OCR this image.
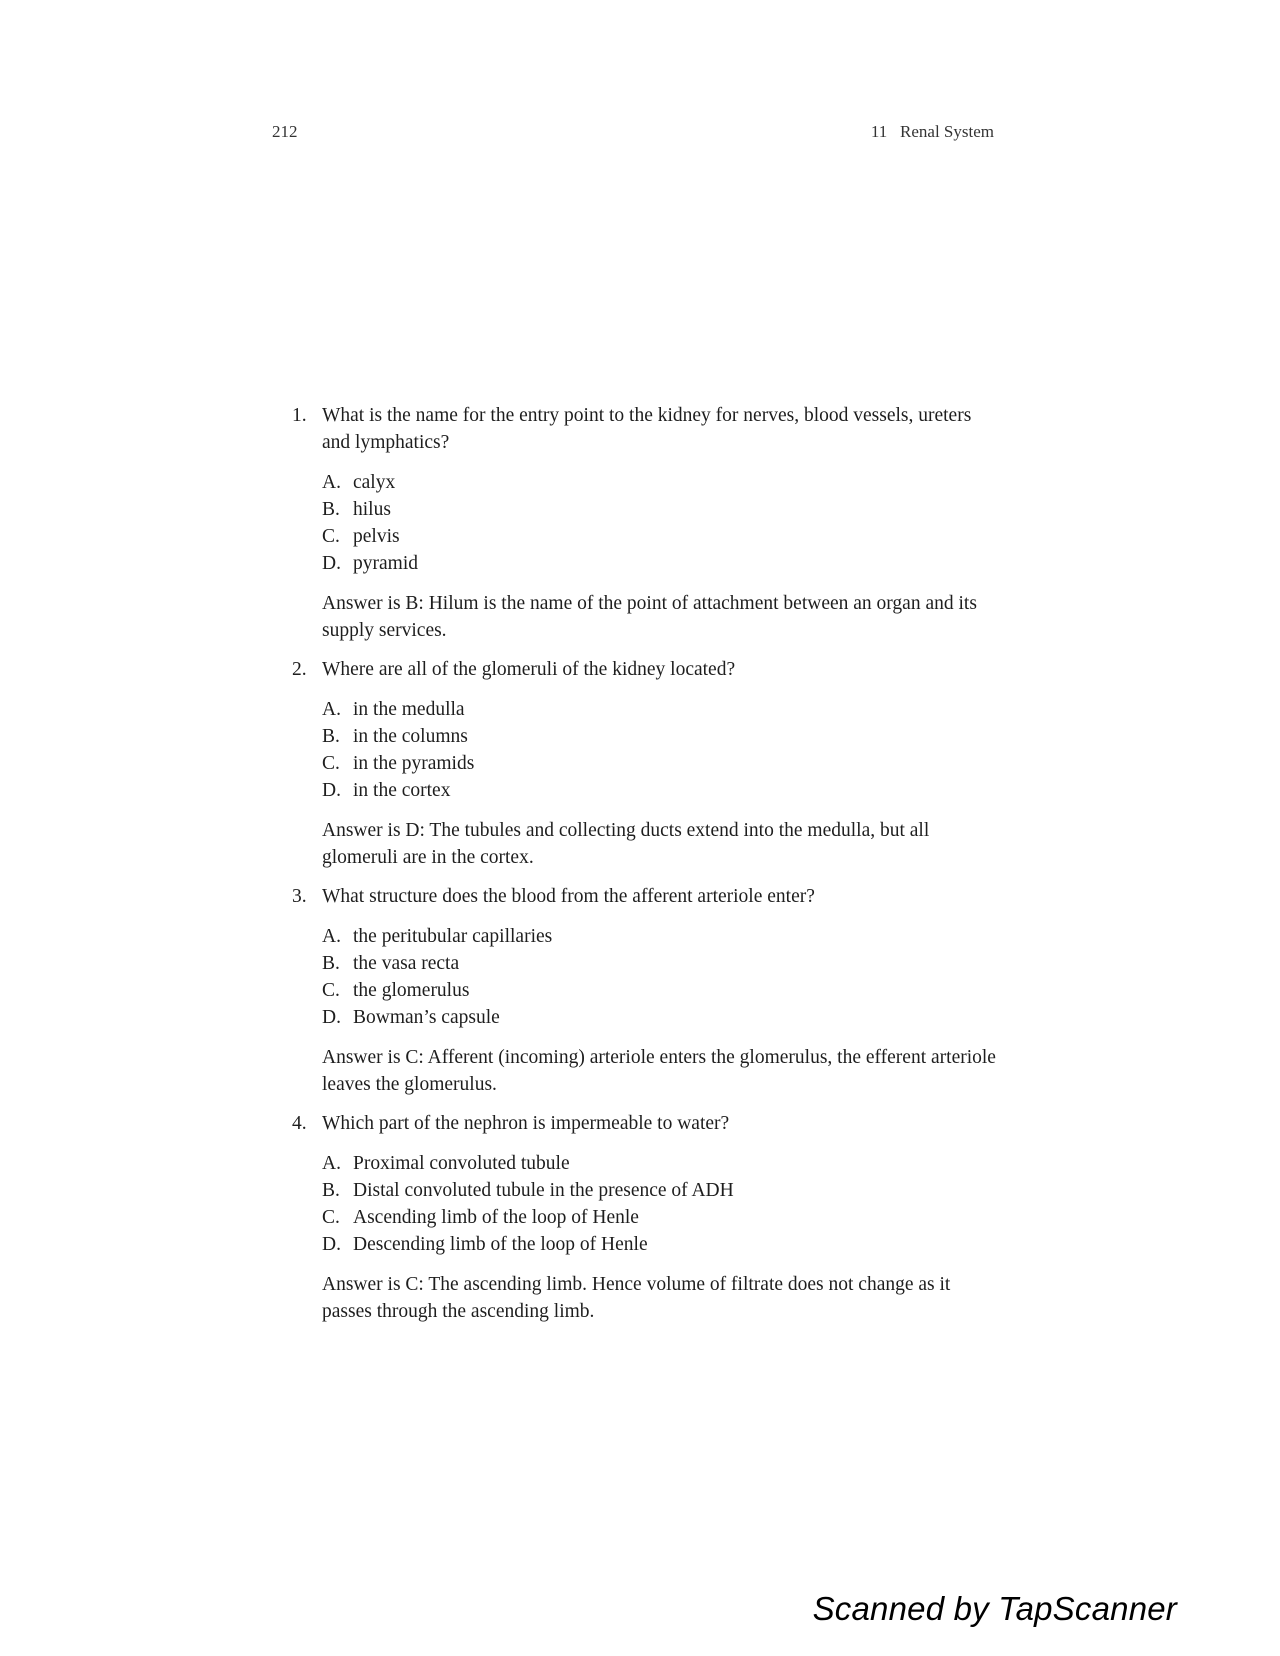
212	11   Renal System
1. What is the name for the entry point to the kidney for nerves, blood vessels, ureters and lymphatics?

A. calyx
B. hilus
C. pelvis
D. pyramid

Answer is B: Hilum is the name of the point of attachment between an organ and its supply services.

2. Where are all of the glomeruli of the kidney located?

A. in the medulla
B. in the columns
C. in the pyramids
D. in the cortex

Answer is D: The tubules and collecting ducts extend into the medulla, but all glomeruli are in the cortex.

3. What structure does the blood from the afferent arteriole enter?

A. the peritubular capillaries
B. the vasa recta
C. the glomerulus
D. Bowman’s capsule

Answer is C: Afferent (incoming) arteriole enters the glomerulus, the efferent arteriole leaves the glomerulus.

4. Which part of the nephron is impermeable to water?

A. Proximal convoluted tubule
B. Distal convoluted tubule in the presence of ADH
C. Ascending limb of the loop of Henle
D. Descending limb of the loop of Henle

Answer is C: The ascending limb. Hence volume of filtrate does not change as it passes through the ascending limb.

Scanned by TapScanner
